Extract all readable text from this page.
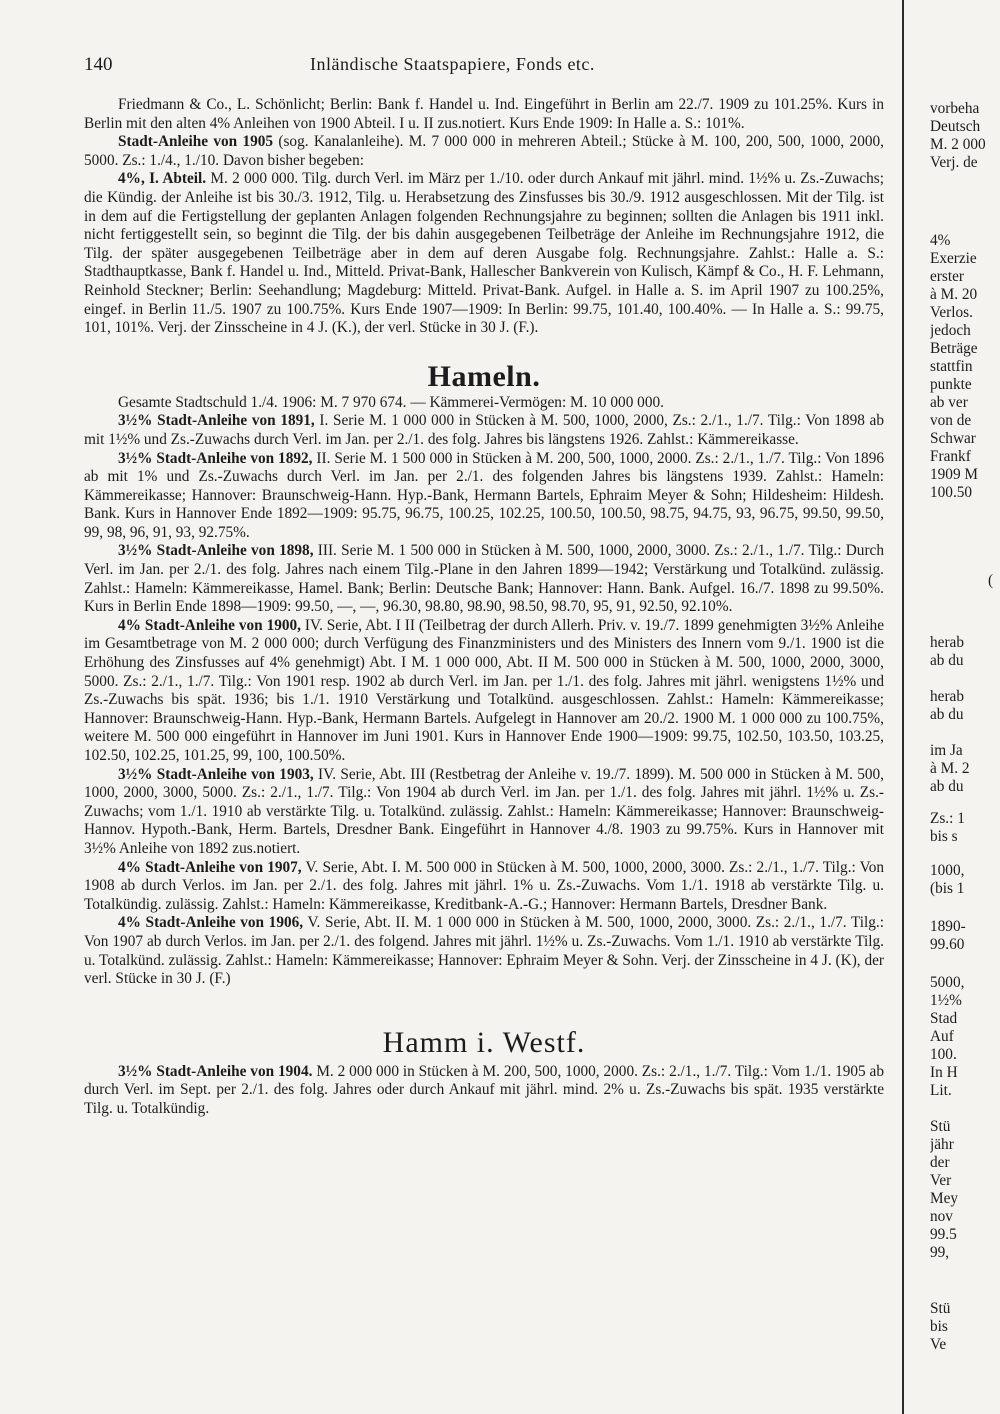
140	Inländische Staatspapiere, Fonds etc.

Friedmann & Co., L. Schönlicht; Berlin: Bank f. Handel u. Ind. Eingeführt in Berlin am 22./7. 1909 zu 101.25%. Kurs in Berlin mit den alten 4% Anleihen von 1900 Abteil. I u. II zus.notiert. Kurs Ende 1909: In Halle a. S.: 101%.

Stadt-Anleihe von 1905 (sog. Kanalanleihe). M. 7 000 000 in mehreren Abteil.; Stücke à M. 100, 200, 500, 1000, 2000, 5000. Zs.: 1./4., 1./10. Davon bisher begeben:

4%, I. Abteil. M. 2 000 000. Tilg. durch Verl. im März per 1./10. oder durch Ankauf mit jährl. mind. 1½% u. Zs.-Zuwachs; die Kündig. der Anleihe ist bis 30./3. 1912, Tilg. u. Herabsetzung des Zinsfusses bis 30./9. 1912 ausgeschlossen. Mit der Tilg. ist in dem auf die Fertigstellung der geplanten Anlagen folgenden Rechnungsjahre zu beginnen; sollten die Anlagen bis 1911 inkl. nicht fertiggestellt sein, so beginnt die Tilg. der bis dahin ausgegebenen Teilbeträge der Anleihe im Rechnungsjahre 1912, die Tilg. der später ausgegebenen Teilbeträge aber in dem auf deren Ausgabe folg. Rechnungsjahre. Zahlst.: Halle a. S.: Stadthauptkasse, Bank f. Handel u. Ind., Mitteld. Privat-Bank, Hallescher Bankverein von Kulisch, Kämpf & Co., H. F. Lehmann, Reinhold Steckner; Berlin: Seehandlung; Magdeburg: Mitteld. Privat-Bank. Aufgel. in Halle a. S. im April 1907 zu 100.25%, eingef. in Berlin 11./5. 1907 zu 100.75%. Kurs Ende 1907—1909: In Berlin: 99.75, 101.40, 100.40%. — In Halle a. S.: 99.75, 101, 101%. Verj. der Zinsscheine in 4 J. (K.), der verl. Stücke in 30 J. (F.).

Hameln.

Gesamte Stadtschuld 1./4. 1906: M. 7 970 674. — Kämmerei-Vermögen: M. 10 000 000.

3½% Stadt-Anleihe von 1891, I. Serie M. 1 000 000 in Stücken à M. 500, 1000, 2000, Zs.: 2./1., 1./7. Tilg.: Von 1898 ab mit 1½% und Zs.-Zuwachs durch Verl. im Jan. per 2./1. des folg. Jahres bis längstens 1926. Zahlst.: Kämmereikasse.

3½% Stadt-Anleihe von 1892, II. Serie M. 1 500 000 in Stücken à M. 200, 500, 1000, 2000. Zs.: 2./1., 1./7. Tilg.: Von 1896 ab mit 1% und Zs.-Zuwachs durch Verl. im Jan. per 2./1. des folgenden Jahres bis längstens 1939. Zahlst.: Hameln: Kämmereikasse; Hannover: Braunschweig-Hann. Hyp.-Bank, Hermann Bartels, Ephraim Meyer & Sohn; Hildesheim: Hildesh. Bank. Kurs in Hannover Ende 1892—1909: 95.75, 96.75, 100.25, 102.25, 100.50, 100.50, 98.75, 94.75, 93, 96.75, 99.50, 99.50, 99, 98, 96, 91, 93, 92.75%.

3½% Stadt-Anleihe von 1898, III. Serie M. 1 500 000 in Stücken à M. 500, 1000, 2000, 3000. Zs.: 2./1., 1./7. Tilg.: Durch Verl. im Jan. per 2./1. des folg. Jahres nach einem Tilg.-Plane in den Jahren 1899—1942; Verstärkung und Totalkünd. zulässig. Zahlst.: Hameln: Kämmereikasse, Hamel. Bank; Berlin: Deutsche Bank; Hannover: Hann. Bank. Aufgel. 16./7. 1898 zu 99.50%. Kurs in Berlin Ende 1898—1909: 99.50, —, —, 96.30, 98.80, 98.90, 98.50, 98.70, 95, 91, 92.50, 92.10%.

4% Stadt-Anleihe von 1900, IV. Serie, Abt. I II (Teilbetrag der durch Allerh. Priv. v. 19./7. 1899 genehmigten 3½% Anleihe im Gesamtbetrage von M. 2 000 000; durch Verfügung des Finanzministers und des Ministers des Innern vom 9./1. 1900 ist die Erhöhung des Zinsfusses auf 4% genehmigt) Abt. I M. 1 000 000, Abt. II M. 500 000 in Stücken à M. 500, 1000, 2000, 3000, 5000. Zs.: 2./1., 1./7. Tilg.: Von 1901 resp. 1902 ab durch Verl. im Jan. per 1./1. des folg. Jahres mit jährl. wenigstens 1½% und Zs.-Zuwachs bis spät. 1936; bis 1./1. 1910 Verstärkung und Totalkünd. ausgeschlossen. Zahlst.: Hameln: Kämmereikasse; Hannover: Braunschweig-Hann. Hyp.-Bank, Hermann Bartels. Aufgelegt in Hannover am 20./2. 1900 M. 1 000 000 zu 100.75%, weitere M. 500 000 eingeführt in Hannover im Juni 1901. Kurs in Hannover Ende 1900—1909: 99.75, 102.50, 103.50, 103.25, 102.50, 102.25, 101.25, 99, 100, 100.50%.

3½% Stadt-Anleihe von 1903, IV. Serie, Abt. III (Restbetrag der Anleihe v. 19./7. 1899). M. 500 000 in Stücken à M. 500, 1000, 2000, 3000, 5000. Zs.: 2./1., 1./7. Tilg.: Von 1904 ab durch Verl. im Jan. per 1./1. des folg. Jahres mit jährl. 1½% u. Zs.-Zuwachs; vom 1./1. 1910 ab verstärkte Tilg. u. Totalkünd. zulässig. Zahlst.: Hameln: Kämmereikasse; Hannover: Braunschweig-Hannov. Hypoth.-Bank, Herm. Bartels, Dresdner Bank. Eingeführt in Hannover 4./8. 1903 zu 99.75%. Kurs in Hannover mit 3½% Anleihe von 1892 zus.notiert.

4% Stadt-Anleihe von 1907, V. Serie, Abt. I. M. 500 000 in Stücken à M. 500, 1000, 2000, 3000. Zs.: 2./1., 1./7. Tilg.: Von 1908 ab durch Verlos. im Jan. per 2./1. des folg. Jahres mit jährl. 1% u. Zs.-Zuwachs. Vom 1./1. 1918 ab verstärkte Tilg. u. Totalkündig. zulässig. Zahlst.: Hameln: Kämmereikasse, Kreditbank-A.-G.; Hannover: Hermann Bartels, Dresdner Bank.

4% Stadt-Anleihe von 1906, V. Serie, Abt. II. M. 1 000 000 in Stücken à M. 500, 1000, 2000, 3000. Zs.: 2./1., 1./7. Tilg.: Von 1907 ab durch Verlos. im Jan. per 2./1. des folgend. Jahres mit jährl. 1½% u. Zs.-Zuwachs. Vom 1./1. 1910 ab verstärkte Tilg. u. Totalkünd. zulässig. Zahlst.: Hameln: Kämmereikasse; Hannover: Ephraim Meyer & Sohn. Verj. der Zinsscheine in 4 J. (K), der verl. Stücke in 30 J. (F.)

Hamm i. Westf.

3½% Stadt-Anleihe von 1904. M. 2 000 000 in Stücken à M. 200, 500, 1000, 2000. Zs.: 2./1., 1./7. Tilg.: Vom 1./1. 1905 ab durch Verl. im Sept. per 2./1. des folg. Jahres oder durch Ankauf mit jährl. mind. 2% u. Zs.-Zuwachs bis spät. 1935 verstärkte Tilg. u. Totalkündig.

vorbeha
Deutsch
M. 2 000
Verj. de
4%
Exerzie
erster
à M. 20
Verlos.
jedoch
Beträge
stattfin
punkte
ab ver
von de
Schwar
Frankf
1909 M
100.50
(
herab
ab du
herab
ab du
im Ja
à M. 2
ab du
Zs.: 1
bis s
1000,
(bis 1
1890-
99.60
5000,
1½%
Stad
Auf
100.
In H
Lit.
Stü
jähr
der
Ver
Mey
nov
99.5
99,
Stü
bis
Ve
